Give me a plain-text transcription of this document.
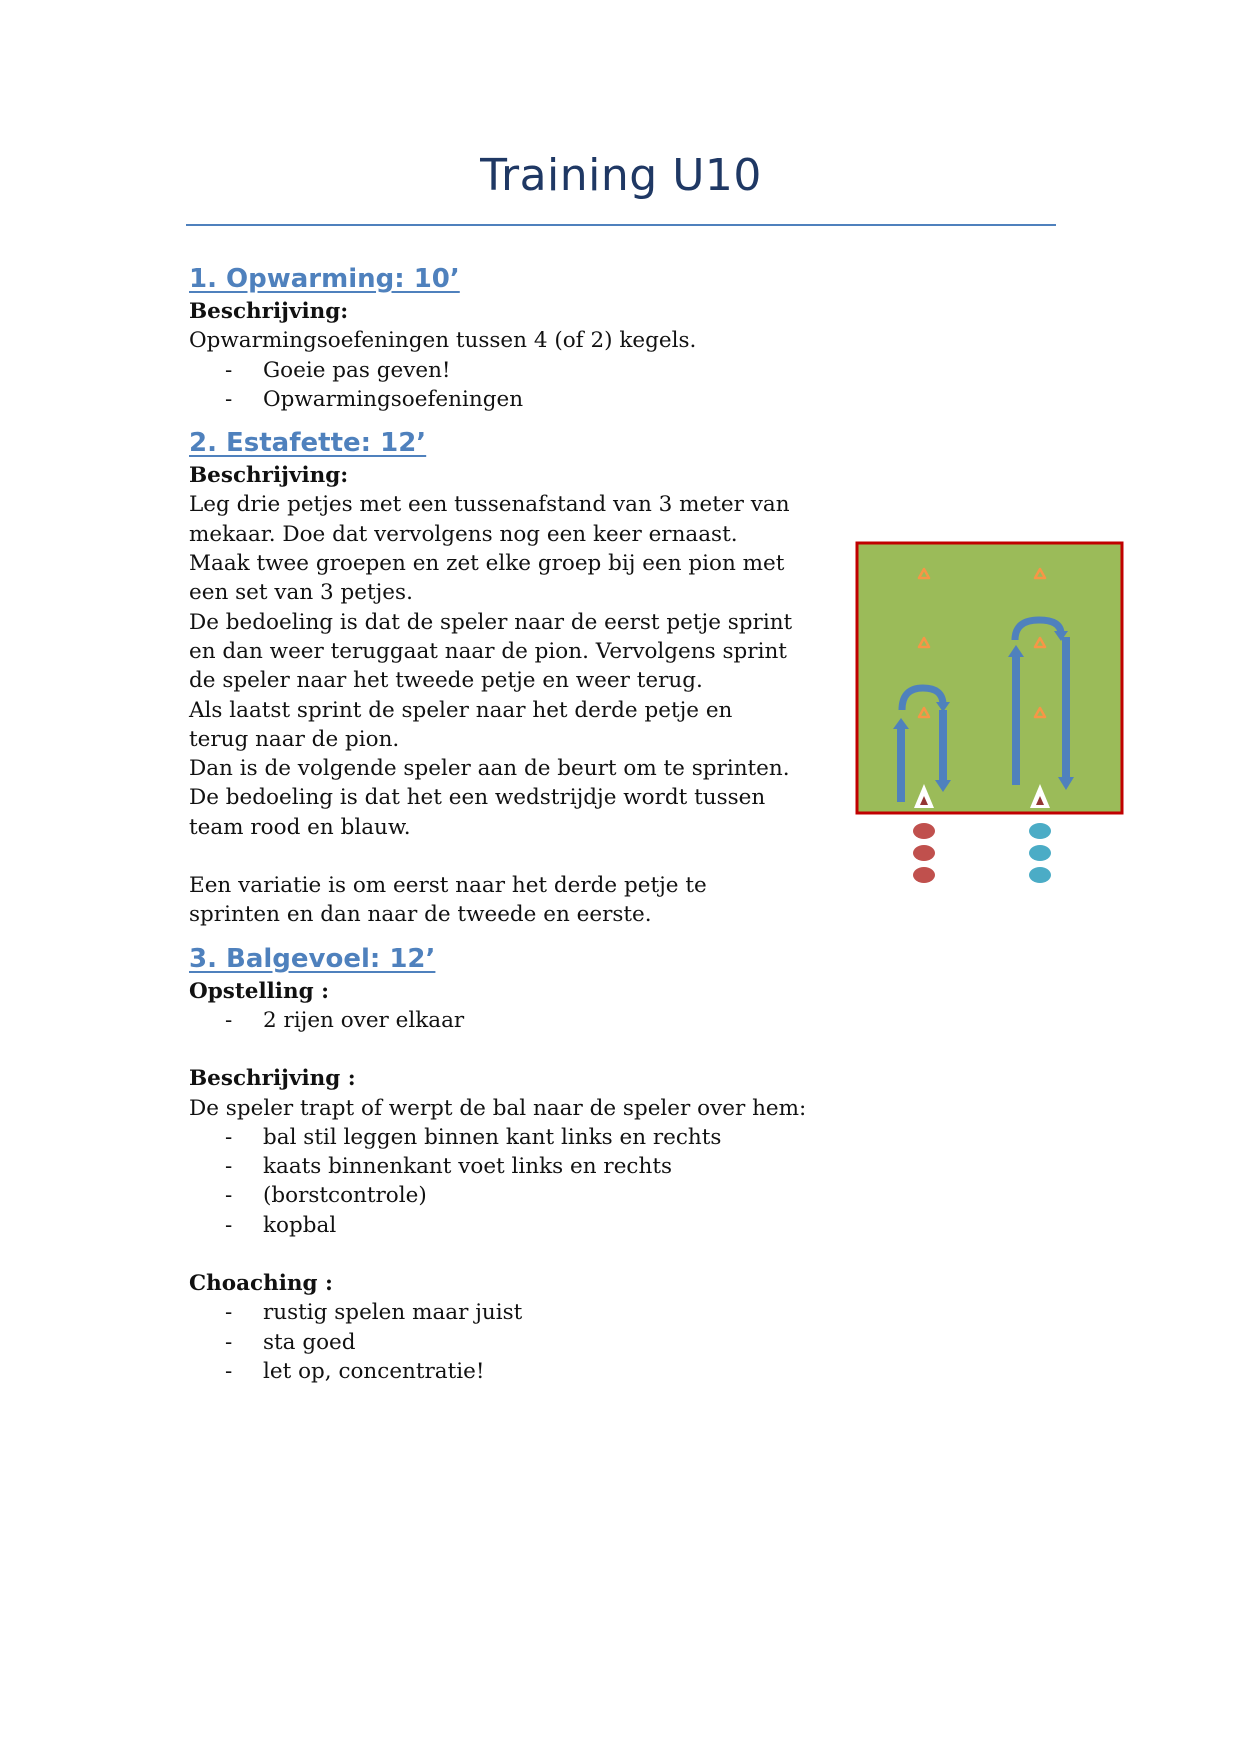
Training U10
1. Opwarming: 10’
Beschrijving:
Opwarmingsoefeningen tussen 4 (of 2) kegels.
- Goeie pas geven!
- Opwarmingsoefeningen
2. Estafette: 12’
Beschrijving:
Leg drie petjes met een tussenafstand van 3 meter van
mekaar. Doe dat vervolgens nog een keer ernaast.
Maak twee groepen en zet elke groep bij een pion met
een set van 3 petjes.
De bedoeling is dat de speler naar de eerst petje sprint
en dan weer teruggaat naar de pion. Vervolgens sprint
de speler naar het tweede petje en weer terug.
Als laatst sprint de speler naar het derde petje en
terug naar de pion.
Dan is de volgende speler aan de beurt om te sprinten.
De bedoeling is dat het een wedstrijdje wordt tussen
team rood en blauw.
Een variatie is om eerst naar het derde petje te
sprinten en dan naar de tweede en eerste.
3. Balgevoel: 12’
Opstelling :
- 2 rijen over elkaar
Beschrijving :
De speler trapt of werpt de bal naar de speler over hem:
- bal stil leggen binnen kant links en rechts
- kaats binnenkant voet links en rechts
- (borstcontrole)
- kopbal
Choaching :
- rustig spelen maar juist
- sta goed
- let op, concentratie!
